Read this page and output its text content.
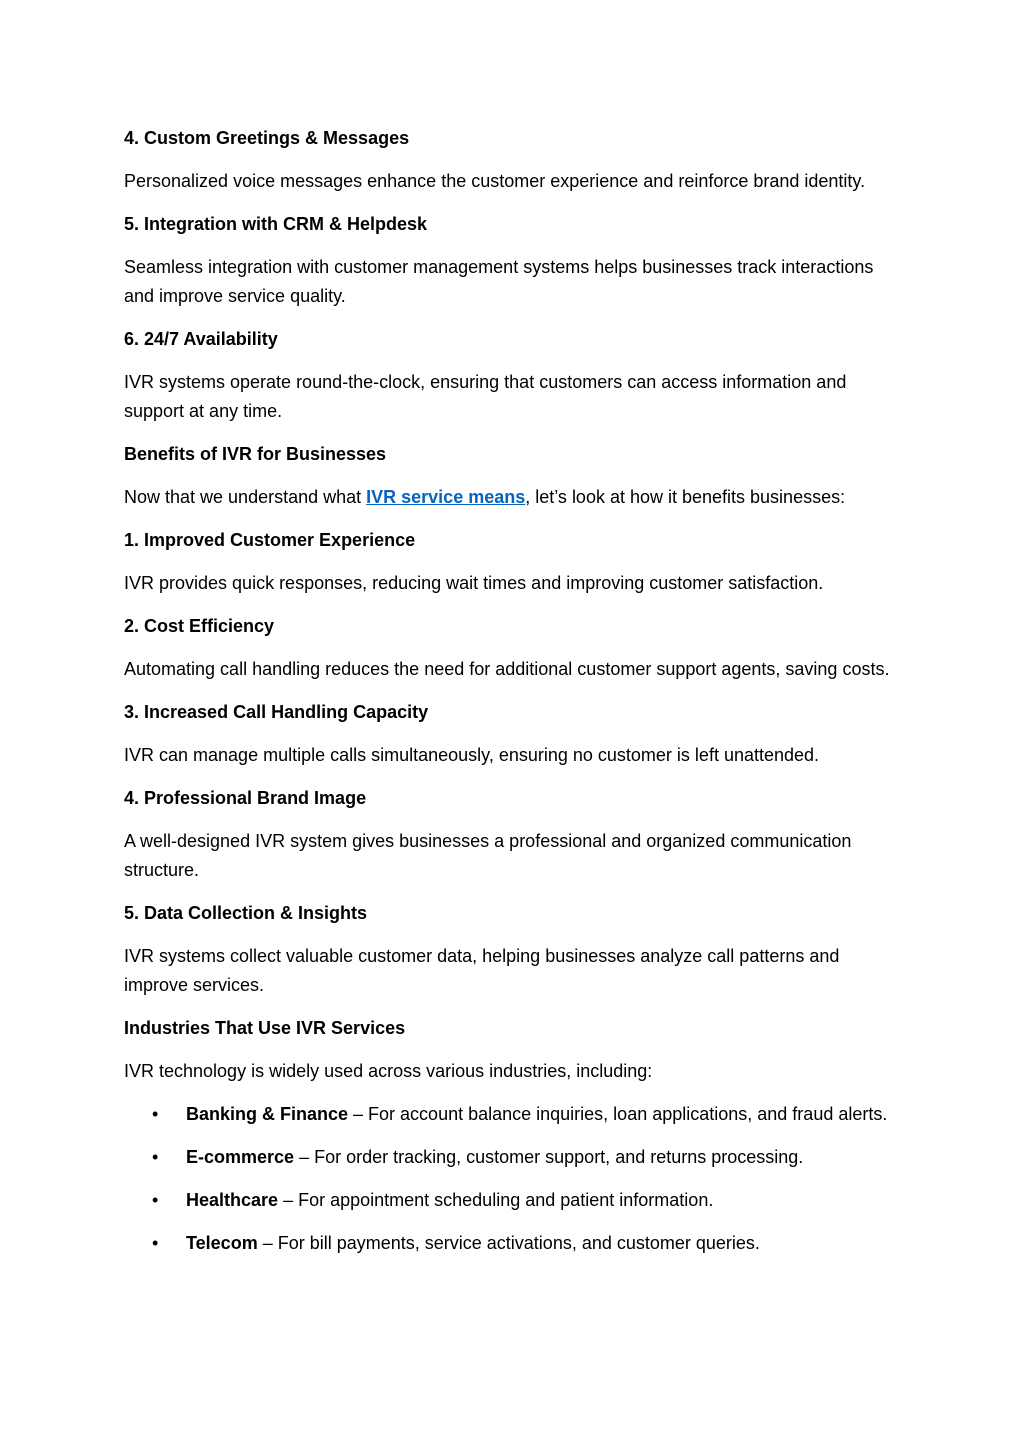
4. Custom Greetings & Messages
Personalized voice messages enhance the customer experience and reinforce brand identity.
5. Integration with CRM & Helpdesk
Seamless integration with customer management systems helps businesses track interactions and improve service quality.
6. 24/7 Availability
IVR systems operate round-the-clock, ensuring that customers can access information and support at any time.
Benefits of IVR for Businesses
Now that we understand what IVR service means, let’s look at how it benefits businesses:
1. Improved Customer Experience
IVR provides quick responses, reducing wait times and improving customer satisfaction.
2. Cost Efficiency
Automating call handling reduces the need for additional customer support agents, saving costs.
3. Increased Call Handling Capacity
IVR can manage multiple calls simultaneously, ensuring no customer is left unattended.
4. Professional Brand Image
A well-designed IVR system gives businesses a professional and organized communication structure.
5. Data Collection & Insights
IVR systems collect valuable customer data, helping businesses analyze call patterns and improve services.
Industries That Use IVR Services
IVR technology is widely used across various industries, including:
• Banking & Finance – For account balance inquiries, loan applications, and fraud alerts.
• E-commerce – For order tracking, customer support, and returns processing.
• Healthcare – For appointment scheduling and patient information.
• Telecom – For bill payments, service activations, and customer queries.
